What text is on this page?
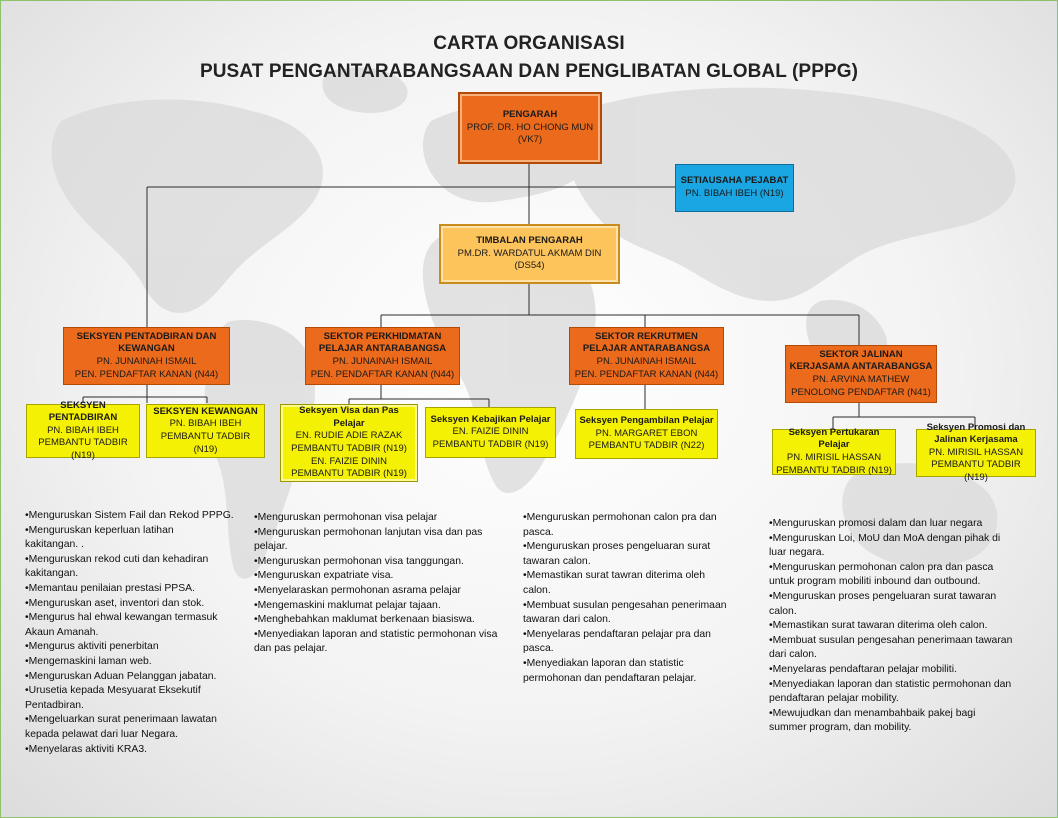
CARTA ORGANISASI
PUSAT PENGANTARABANGSAAN DAN PENGLIBATAN GLOBAL (PPPG)
PENGARAH
PROF. DR. HO CHONG MUN
(VK7)
SETIAUSAHA PEJABAT
PN. BIBAH IBEH (N19)
TIMBALAN PENGARAH
PM.DR. WARDATUL AKMAM DIN
(DS54)
SEKSYEN PENTADBIRAN DAN KEWANGAN
PN. JUNAINAH ISMAIL
PEN. PENDAFTAR KANAN (N44)
SEKTOR PERKHIDMATAN PELAJAR ANTARABANGSA
PN. JUNAINAH ISMAIL
PEN. PENDAFTAR KANAN (N44)
SEKTOR REKRUTMEN PELAJAR ANTARABANGSA
PN. JUNAINAH ISMAIL
PEN. PENDAFTAR KANAN (N44)
SEKTOR JALINAN KERJASAMA ANTARABANGSA
PN. ARVINA MATHEW
PENOLONG PENDAFTAR (N41)
SEKSYEN PENTADBIRAN
PN. BIBAH IBEH
PEMBANTU TADBIR (N19)
SEKSYEN KEWANGAN
PN. BIBAH IBEH
PEMBANTU TADBIR (N19)
Seksyen Visa dan Pas Pelajar
EN. RUDIE ADIE RAZAK
PEMBANTU TADBIR (N19)
EN. FAIZIE DININ
PEMBANTU TADBIR (N19)
Seksyen Kebajikan Pelajar
EN. FAIZIE DININ
PEMBANTU TADBIR (N19)
Seksyen Pengambilan Pelajar
PN. MARGARET EBON
PEMBANTU TADBIR (N22)
Seksyen Pertukaran Pelajar
PN. MIRISIL HASSAN
PEMBANTU TADBIR (N19)
Seksyen Promosi dan Jalinan Kerjasama
PN. MIRISIL HASSAN
PEMBANTU TADBIR (N19)
•Menguruskan Sistem Fail dan Rekod PPPG.
•Menguruskan keperluan latihan
kakitangan. .
•Menguruskan rekod cuti dan kehadiran
kakitangan.
•Memantau penilaian prestasi PPSA.
•Menguruskan aset, inventori dan stok.
•Mengurus hal ehwal kewangan termasuk
Akaun Amanah.
•Mengurus aktiviti penerbitan
•Mengemaskini laman web.
•Menguruskan Aduan Pelanggan jabatan.
•Urusetia kepada Mesyuarat Eksekutif
Pentadbiran.
•Mengeluarkan surat penerimaan lawatan
kepada pelawat dari luar Negara.
•Menyelaras aktiviti KRA3.
•Menguruskan permohonan visa pelajar
•Menguruskan permohonan lanjutan visa dan pas
pelajar.
•Menguruskan permohonan visa tanggungan.
•Menguruskan expatriate visa.
•Menyelaraskan permohonan asrama pelajar
•Mengemaskini maklumat pelajar tajaan.
•Menghebahkan maklumat berkenaan biasiswa.
•Menyediakan laporan and statistic permohonan visa
dan pas pelajar.
•Menguruskan permohonan calon pra dan
pasca.
•Menguruskan proses pengeluaran surat
tawaran calon.
•Memastikan surat tawran diterima oleh
calon.
•Membuat susulan pengesahan penerimaan
tawaran dari calon.
•Menyelaras pendaftaran pelajar pra dan
pasca.
•Menyediakan laporan dan statistic
permohonan dan pendaftaran pelajar.
•Menguruskan promosi dalam dan luar negara
•Menguruskan Loi, MoU dan MoA dengan pihak di
luar negara.
•Menguruskan permohonan calon pra dan pasca
untuk program mobiliti inbound dan outbound.
•Menguruskan proses pengeluaran surat tawaran
calon.
•Memastikan surat tawaran diterima oleh calon.
•Membuat susulan pengesahan penerimaan tawaran
dari calon.
•Menyelaras pendaftaran pelajar mobiliti.
•Menyediakan laporan dan statistic permohonan dan
pendaftaran pelajar mobility.
•Mewujudkan dan menambahbaik pakej bagi
summer program, dan mobility.
